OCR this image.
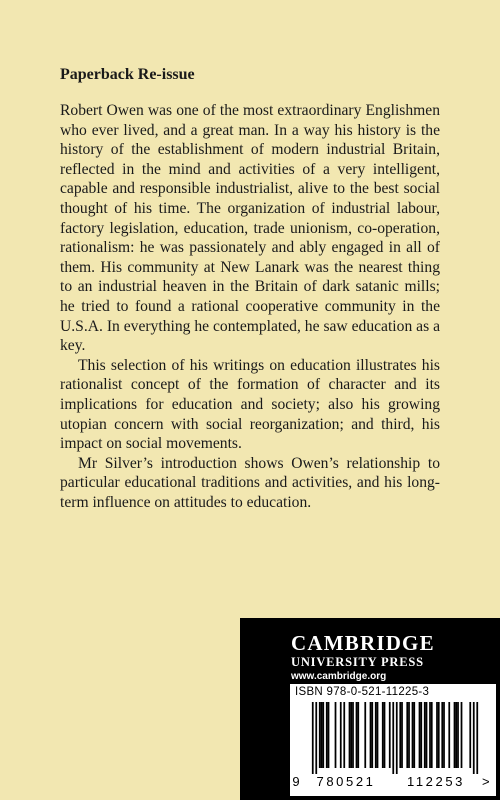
Paperback Re-issue

Robert Owen was one of the most extraordinary Englishmen who ever lived, and a great man. In a way his history is the history of the establishment of modern industrial Britain, reflected in the mind and activities of a very intelligent, capable and responsible industrialist, alive to the best social thought of his time. The organization of industrial labour, factory legislation, education, trade unionism, co-operation, rationalism: he was passionately and ably engaged in all of them. His community at New Lanark was the nearest thing to an industrial heaven in the Britain of dark satanic mills; he tried to found a rational cooperative community in the U.S.A. In everything he contemplated, he saw education as a key.

This selection of his writings on education illustrates his rationalist concept of the formation of character and its implications for education and society; also his growing utopian concern with social reorganization; and third, his impact on social movements.

Mr Silver’s introduction shows Owen’s relationship to particular educational traditions and activities, and his long-term influence on attitudes to education.

CAMBRIDGE
UNIVERSITY PRESS
www.cambridge.org
ISBN 978-0-521-11225-3
9 780521 112253 >
